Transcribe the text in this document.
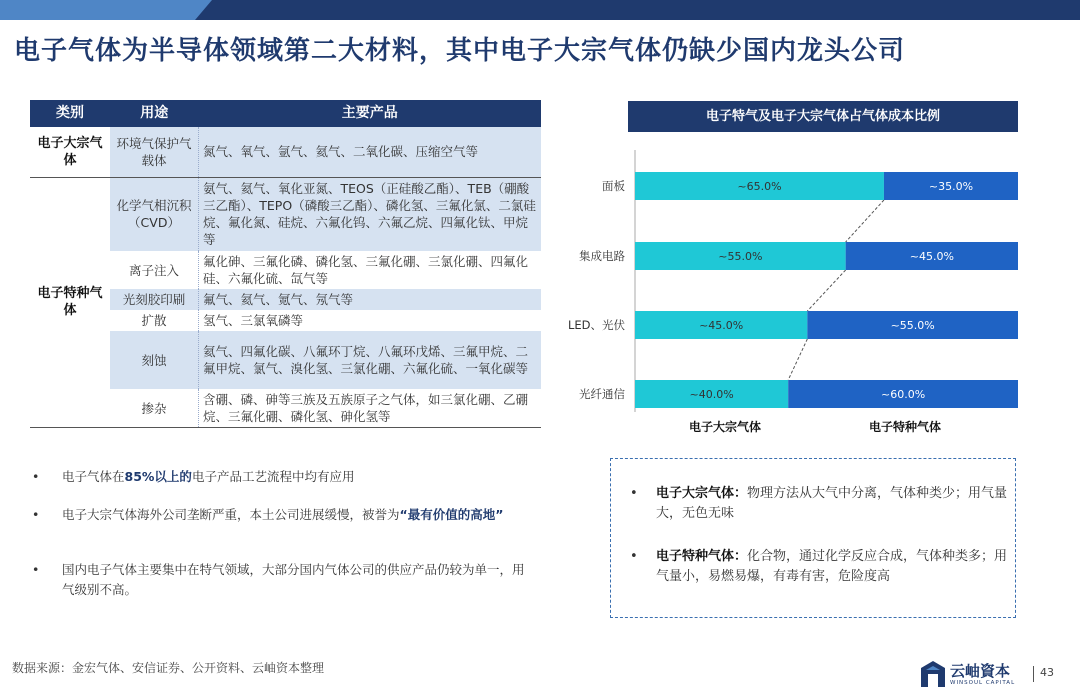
电子气体为半导体领域第二大材料，其中电子大宗气体仍缺少国内龙头公司
类别	用途	主要产品
电子大宗气体	环境气保护气载体	氮气、氧气、氩气、氦气、二氧化碳、压缩空气等
电子特种气体	化学气相沉积（CVD）	氨气、氦气、氧化亚氮、TEOS（正硅酸乙酯）、TEB（硼酸三乙酯）、TEPO（磷酸三乙酯）、磷化氢、三氟化氯、二氯硅烷、氟化氮、硅烷、六氟化钨、六氟乙烷、四氟化钛、甲烷等
	离子注入	氟化砷、三氟化磷、磷化氢、三氟化硼、三氯化硼、四氟化硅、六氟化硫、氙气等
	光刻胶印刷	氟气、氦气、氪气、氖气等
	扩散	氢气、三氯氧磷等
	刻蚀	氦气、四氟化碳、八氟环丁烷、八氟环戊烯、三氟甲烷、二氟甲烷、氯气、溴化氢、三氯化硼、六氟化硫、一氧化碳等
	掺杂	含硼、磷、砷等三族及五族原子之气体，如三氯化硼、乙硼烷、三氟化硼、磷化氢、砷化氢等
• 电子气体在85%以上的电子产品工艺流程中均有应用
• 电子大宗气体海外公司垄断严重，本土公司进展缓慢，被誉为“最有价值的高地”
• 国内电子气体主要集中在特气领域，大部分国内气体公司的供应产品仍较为单一，用气级别不高。
电子特气及电子大宗气体占气体成本比例
面板	~65.0%	~35.0%
集成电路	~55.0%	~45.0%
LED、光伏	~45.0%	~55.0%
光纤通信	~40.0%	~60.0%
电子大宗气体	电子特种气体
• 电子大宗气体：物理方法从大气中分离，气体种类少；用气量大，无色无味
• 电子特种气体：化合物，通过化学反应合成，气体种类多；用气量小，易燃易爆，有毒有害，危险度高
数据来源：金宏气体、安信证券、公开资料、云岫资本整理	云岫資本
WINSOUL CAPITAL
43
